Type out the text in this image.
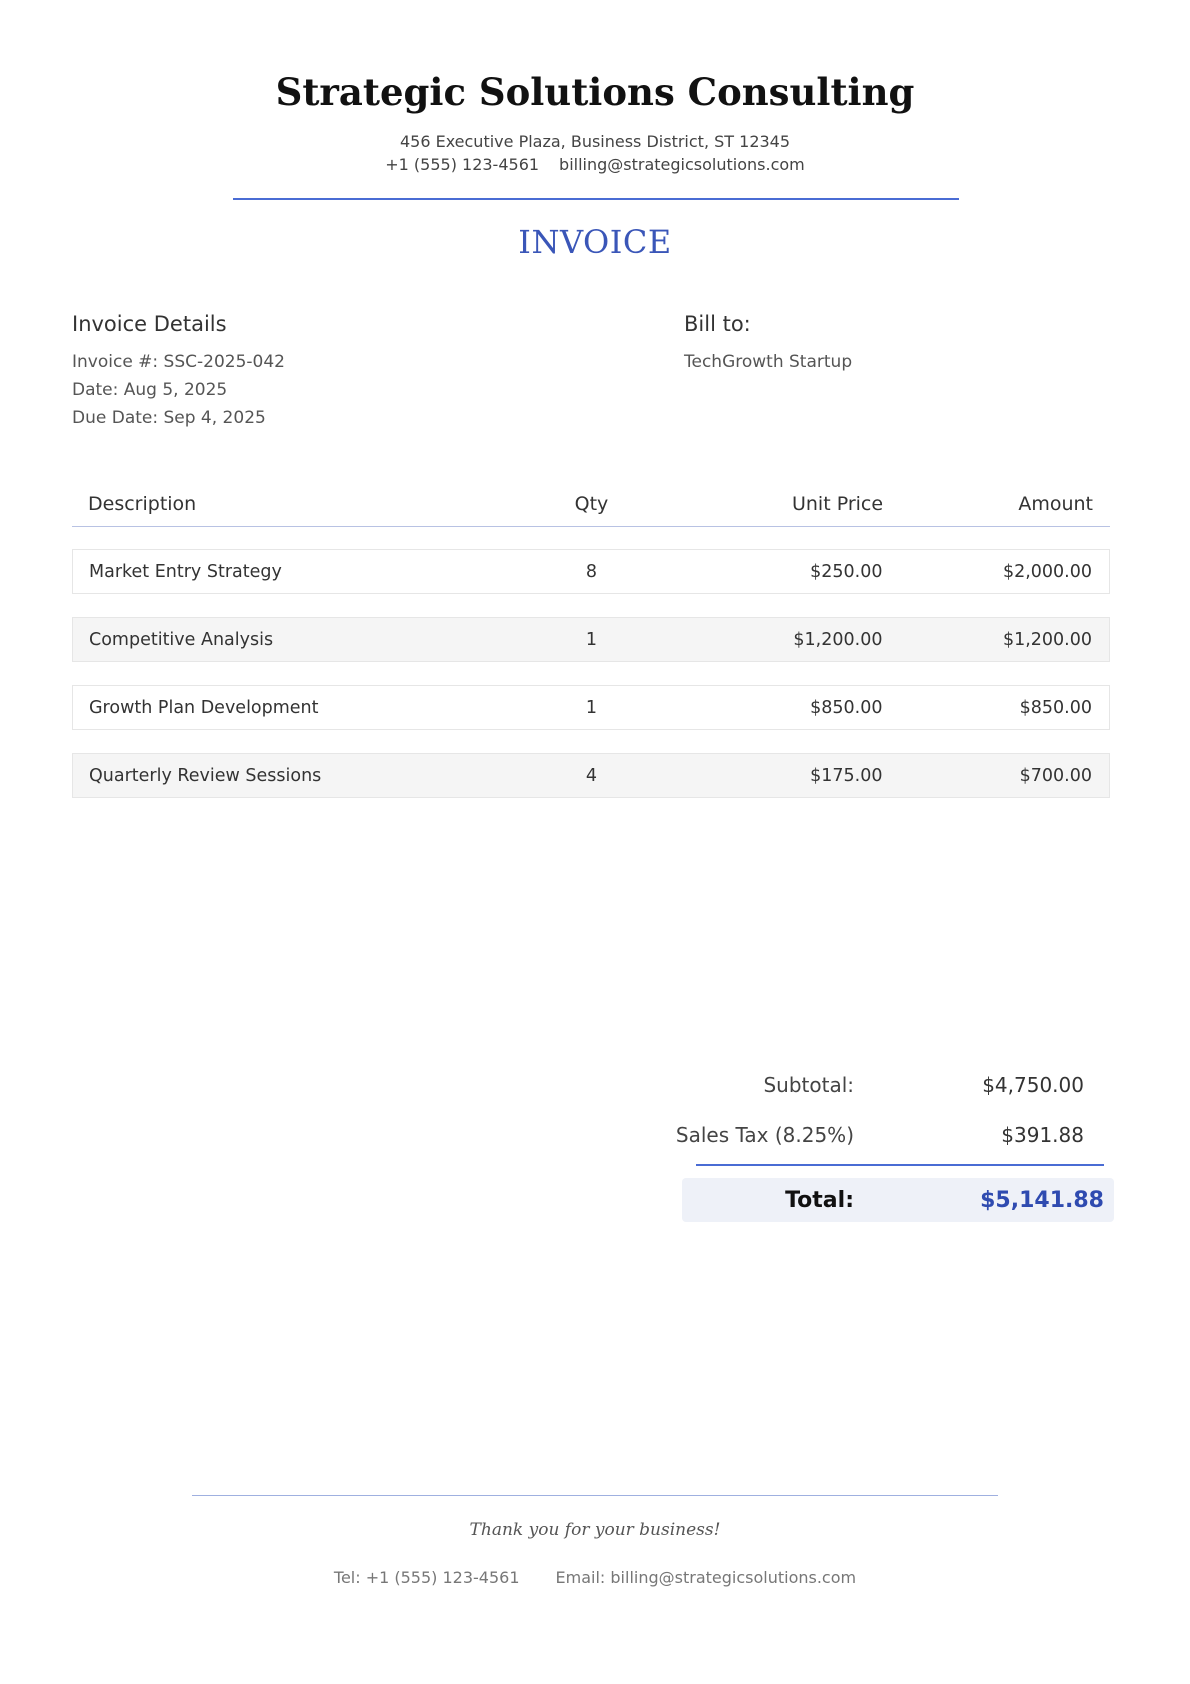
Strategic Solutions Consulting
456 Executive Plaza, Business District, ST 12345
+1 (555) 123-4561 billing@strategicsolutions.com
INVOICE
Invoice Details
Invoice #: SSC-2025-042
Date: Aug 5, 2025
Due Date: Sep 4, 2025
Bill to:
TechGrowth Startup
Description	Qty	Unit Price	Amount
Market Entry Strategy	8	$250.00	$2,000.00
Competitive Analysis	1	$1,200.00	$1,200.00
Growth Plan Development	1	$850.00	$850.00
Quarterly Review Sessions	4	$175.00	$700.00
Subtotal:	$4,750.00
Sales Tax (8.25%)	$391.88
Total:	$5,141.88
Thank you for your business!
Tel: +1 (555) 123-4561 Email: billing@strategicsolutions.com
